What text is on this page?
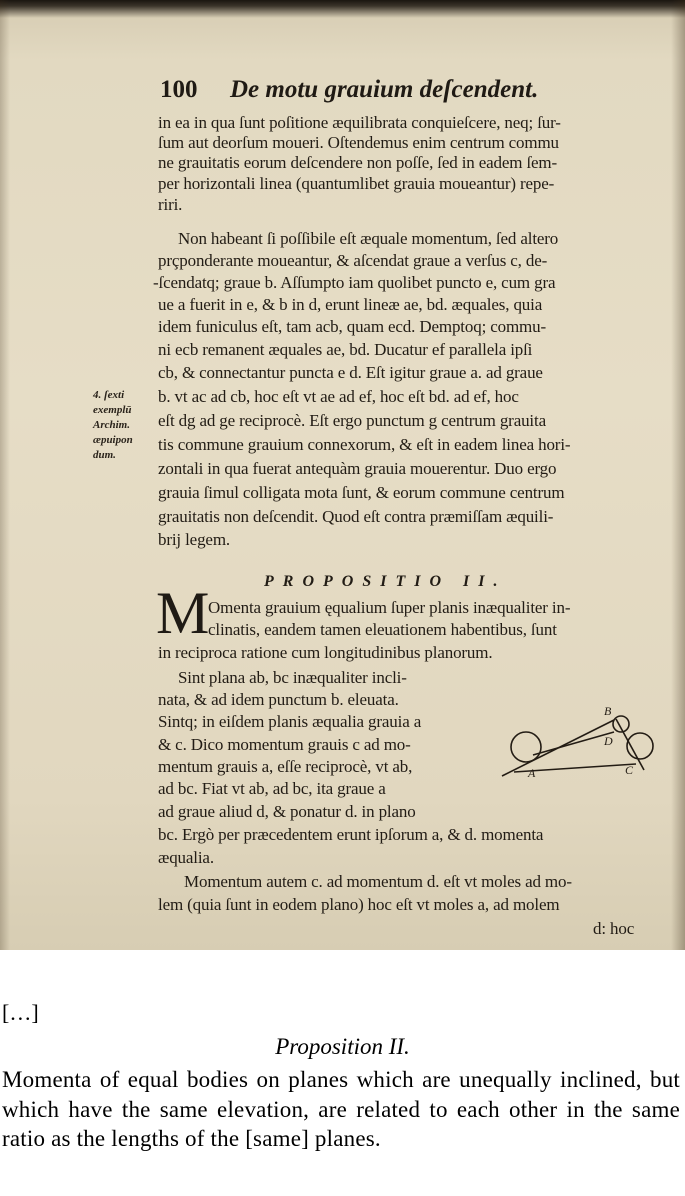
100 De motu grauium deſcendent.
in ea in qua ſunt poſitione æquilibrata conquieſcere, neq; ſur-
ſum aut deorſum moueri. Oſtendemus enim centrum commu
ne grauitatis eorum deſcendere non poſſe, ſed in eadem ſem-
per horizontali linea (quantumlibet grauia moueantur) repe-
riri.
Non habeant ſi poſſibile eſt æquale momentum, ſed altero
prçponderante moueantur, & aſcendat graue a verſus c, de-
-ſcendatq; graue b. Aſſumpto iam quolibet puncto e, cum gra
ue a fuerit in e, & b in d, erunt lineæ ae, bd. æquales, quia
idem funiculus eſt, tam acb, quam ecd. Demptoq; commu-
ni ecb remanent æquales ae, bd. Ducatur ef parallela ipſi
cb, & connectantur puncta e d. Eſt igitur graue a. ad graue
b. vt ac ad cb, hoc eſt vt ae ad ef, hoc eſt bd. ad ef, hoc
eſt dg ad ge reciprocè. Eſt ergo punctum g centrum grauita
tis commune grauium connexorum, & eſt in eadem linea hori-
zontali in qua fuerat antequàm grauia mouerentur. Duo ergo
grauia ſimul colligata mota ſunt, & eorum commune centrum
grauitatis non deſcendit. Quod eſt contra præmiſſam æquili-
brij legem.
4. ſexti
exemplū
Archim.
æpuipon
dum.
PROPOSITIO II.
M
Omenta grauium ęqualium ſuper planis inæqualiter in-
clinatis, eandem tamen eleuationem habentibus, ſunt
in reciproca ratione cum longitudinibus planorum.
Sint plana ab, bc inæqualiter incli-
nata, & ad idem punctum b. eleuata.
Sintq; in eiſdem planis æqualia grauia a
& c. Dico momentum grauis c ad mo-
mentum grauis a, eſſe reciprocè, vt ab,
ad bc. Fiat vt ab, ad bc, ita graue a
ad graue aliud d, & ponatur d. in plano
bc. Ergò per præcedentem erunt ipſorum a, & d. momenta
æqualia.
Momentum autem c. ad momentum d. eſt vt moles ad mo-
lem (quia ſunt in eodem plano) hoc eſt vt moles a, ad molem
d: hoc
B
D
A	C
[…]
Proposition II.
Momenta of equal bodies on planes which are unequally inclined, but which have the same elevation, are related to each other in the same ratio as the lengths of the [same] planes.
